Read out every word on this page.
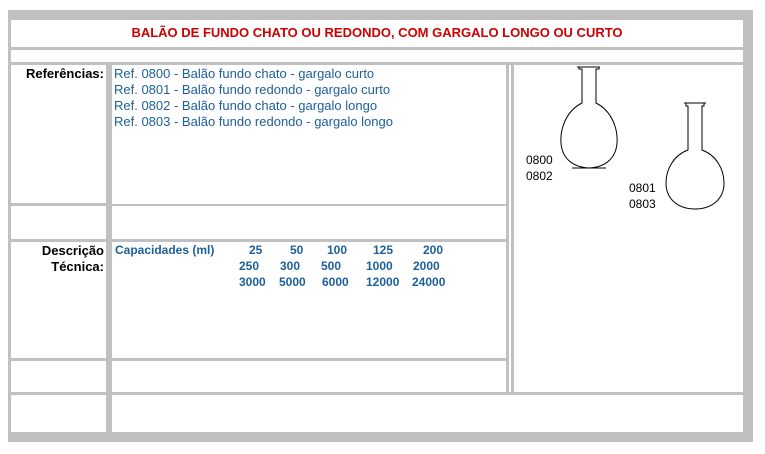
BALÃO DE FUNDO CHATO OU REDONDO, COM GARGALO LONGO OU CURTO
Referências:
Descrição
Técnica:

Ref. 0800 - Balão fundo chato - gargalo curto

Ref. 0801 - Balão fundo redondo - gargalo curto

Ref. 0802 - Balão fundo chato - gargalo longo

Ref. 0803 - Balão fundo redondo - gargalo longo

Capacidades (ml)	25 50 100 125 200
250 300 500 1000 2000
3000 5000 6000 12000 24000
0800
0802
0801
0803
